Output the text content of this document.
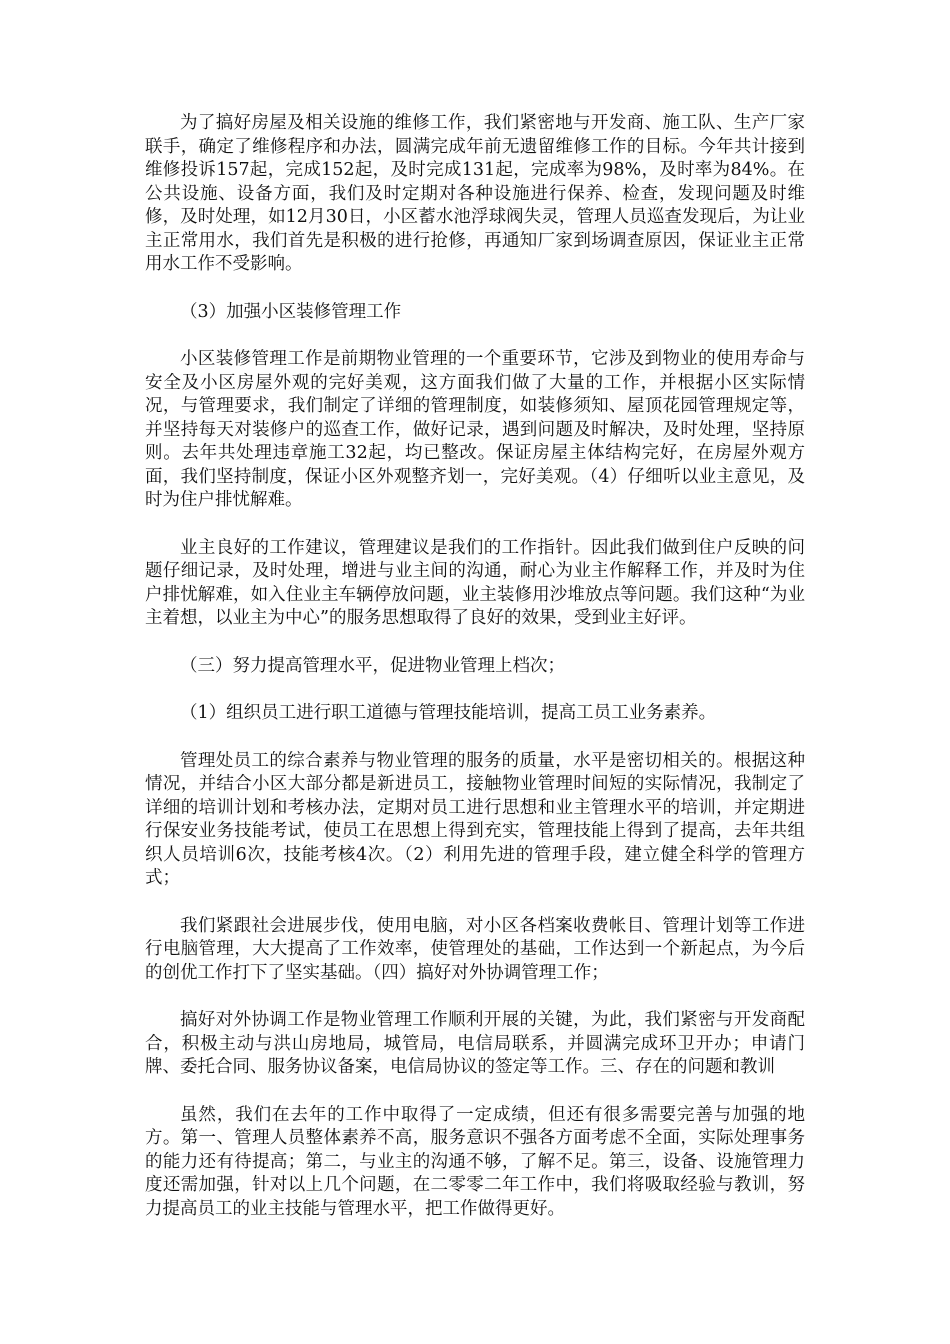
为了搞好房屋及相关设施的维修工作，我们紧密地与开发商、施工队、生产厂家联手，确定了维修程序和办法，圆满完成年前无遗留维修工作的目标。今年共计接到维修投诉157起，完成152起，及时完成131起，完成率为98%，及时率为84%。在公共设施、设备方面，我们及时定期对各种设施进行保养、检查，发现问题及时维修，及时处理，如12月30日，小区蓄水池浮球阀失灵，管理人员巡查发现后，为让业主正常用水，我们首先是积极的进行抢修，再通知厂家到场调查原因，保证业主正常用水工作不受影响。

（3）加强小区装修管理工作

小区装修管理工作是前期物业管理的一个重要环节，它涉及到物业的使用寿命与安全及小区房屋外观的完好美观，这方面我们做了大量的工作，并根据小区实际情况，与管理要求，我们制定了详细的管理制度，如装修须知、屋顶花园管理规定等，并坚持每天对装修户的巡查工作，做好记录，遇到问题及时解决，及时处理，坚持原则。去年共处理违章施工32起，均已整改。保证房屋主体结构完好，在房屋外观方面，我们坚持制度，保证小区外观整齐划一，完好美观。（4）仔细听以业主意见，及时为住户排忧解难。

业主良好的工作建议，管理建议是我们的工作指针。因此我们做到住户反映的问题仔细记录，及时处理，增进与业主间的沟通，耐心为业主作解释工作，并及时为住户排忧解难，如入住业主车辆停放问题，业主装修用沙堆放点等问题。我们这种“为业主着想，以业主为中心”的服务思想取得了良好的效果，受到业主好评。

（三）努力提高管理水平，促进物业管理上档次；

（1）组织员工进行职工道德与管理技能培训，提高工员工业务素养。

管理处员工的综合素养与物业管理的服务的质量，水平是密切相关的。根据这种情况，并结合小区大部分都是新进员工，接触物业管理时间短的实际情况，我制定了详细的培训计划和考核办法，定期对员工进行思想和业主管理水平的培训，并定期进行保安业务技能考试，使员工在思想上得到充实，管理技能上得到了提高，去年共组织人员培训6次，技能考核4次。（2）利用先进的管理手段，建立健全科学的管理方式；

我们紧跟社会进展步伐，使用电脑，对小区各档案收费帐目、管理计划等工作进行电脑管理，大大提高了工作效率，使管理处的基础，工作达到一个新起点，为今后的创优工作打下了坚实基础。（四）搞好对外协调管理工作；

搞好对外协调工作是物业管理工作顺利开展的关键，为此，我们紧密与开发商配合，积极主动与洪山房地局，城管局，电信局联系，并圆满完成环卫开办；申请门牌、委托合同、服务协议备案，电信局协议的签定等工作。三、存在的问题和教训

虽然，我们在去年的工作中取得了一定成绩，但还有很多需要完善与加强的地方。第一、管理人员整体素养不高，服务意识不强各方面考虑不全面，实际处理事务的能力还有待提高；第二，与业主的沟通不够，了解不足。第三，设备、设施管理力度还需加强，针对以上几个问题，在二零零二年工作中，我们将吸取经验与教训，努力提高员工的业主技能与管理水平，把工作做得更好。
